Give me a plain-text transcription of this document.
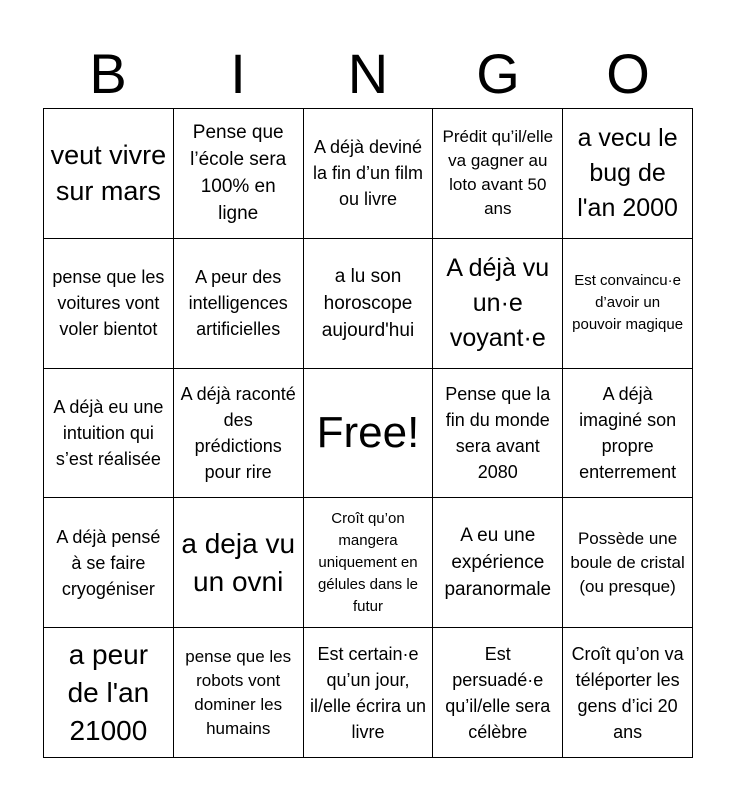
B	I	N	G	O
veut vivre sur mars
Pense que l’école sera 100% en ligne
A déjà deviné la fin d’un film ou livre
Prédit qu’il/elle va gagner au loto avant 50 ans
a vecu le bug de l'an 2000
pense que les voitures vont voler bientot
A peur des intelligences artificielles
a lu son horoscope aujourd'hui
A déjà vu un·e voyant·e
Est convaincu·e d’avoir un pouvoir magique
A déjà eu une intuition qui s’est réalisée
A déjà raconté des prédictions pour rire
Free!
Pense que la fin du monde sera avant 2080
A déjà imaginé son propre enterrement
A déjà pensé à se faire cryogéniser
a deja vu un ovni
Croît qu’on mangera uniquement en gélules dans le futur
A eu une expérience paranormale
Possède une boule de cristal (ou presque)
a peur de l'an 21000
pense que les robots vont dominer les humains
Est certain·e qu’un jour, il/elle écrira un livre
Est persuadé·e qu’il/elle sera célèbre
Croît qu’on va téléporter les gens d’ici 20 ans
